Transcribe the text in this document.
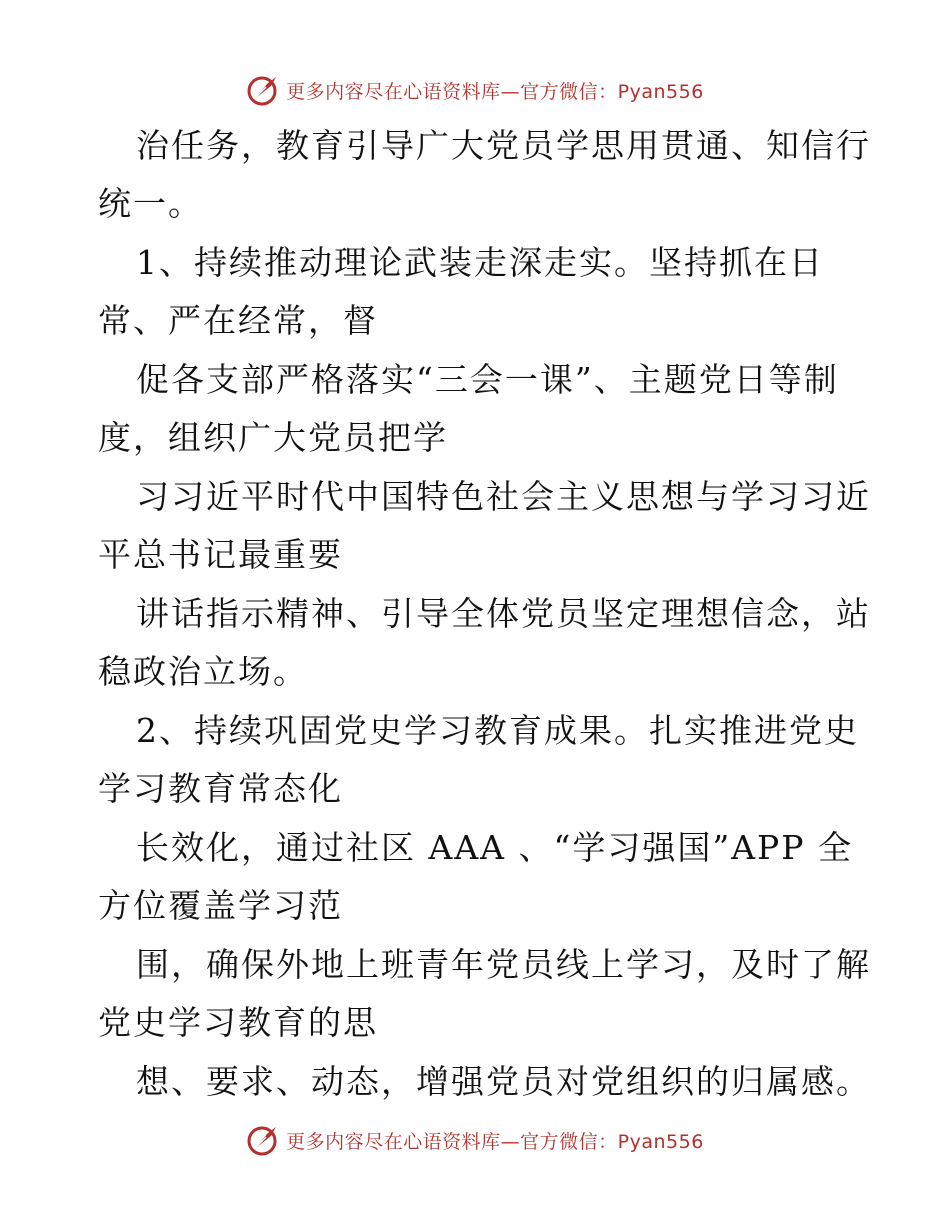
更多内容尽在心语资料库—官方微信：Pyan556
治任务，教育引导广大党员学思用贯通、知信行
统一。
1、持续推动理论武装走深走实。坚持抓在日
常、严在经常，督
促各支部严格落实“三会一课”、主题党日等制
度，组织广大党员把学
习习近平时代中国特色社会主义思想与学习习近
平总书记最重要
讲话指示精神、引导全体党员坚定理想信念，站
稳政治立场。
2、持续巩固党史学习教育成果。扎实推进党史
学习教育常态化
长效化，通过社区 AAA 、“学习强国”APP 全
方位覆盖学习范
围，确保外地上班青年党员线上学习，及时了解
党史学习教育的思
想、要求、动态，增强党员对党组织的归属感。
更多内容尽在心语资料库—官方微信：Pyan556
